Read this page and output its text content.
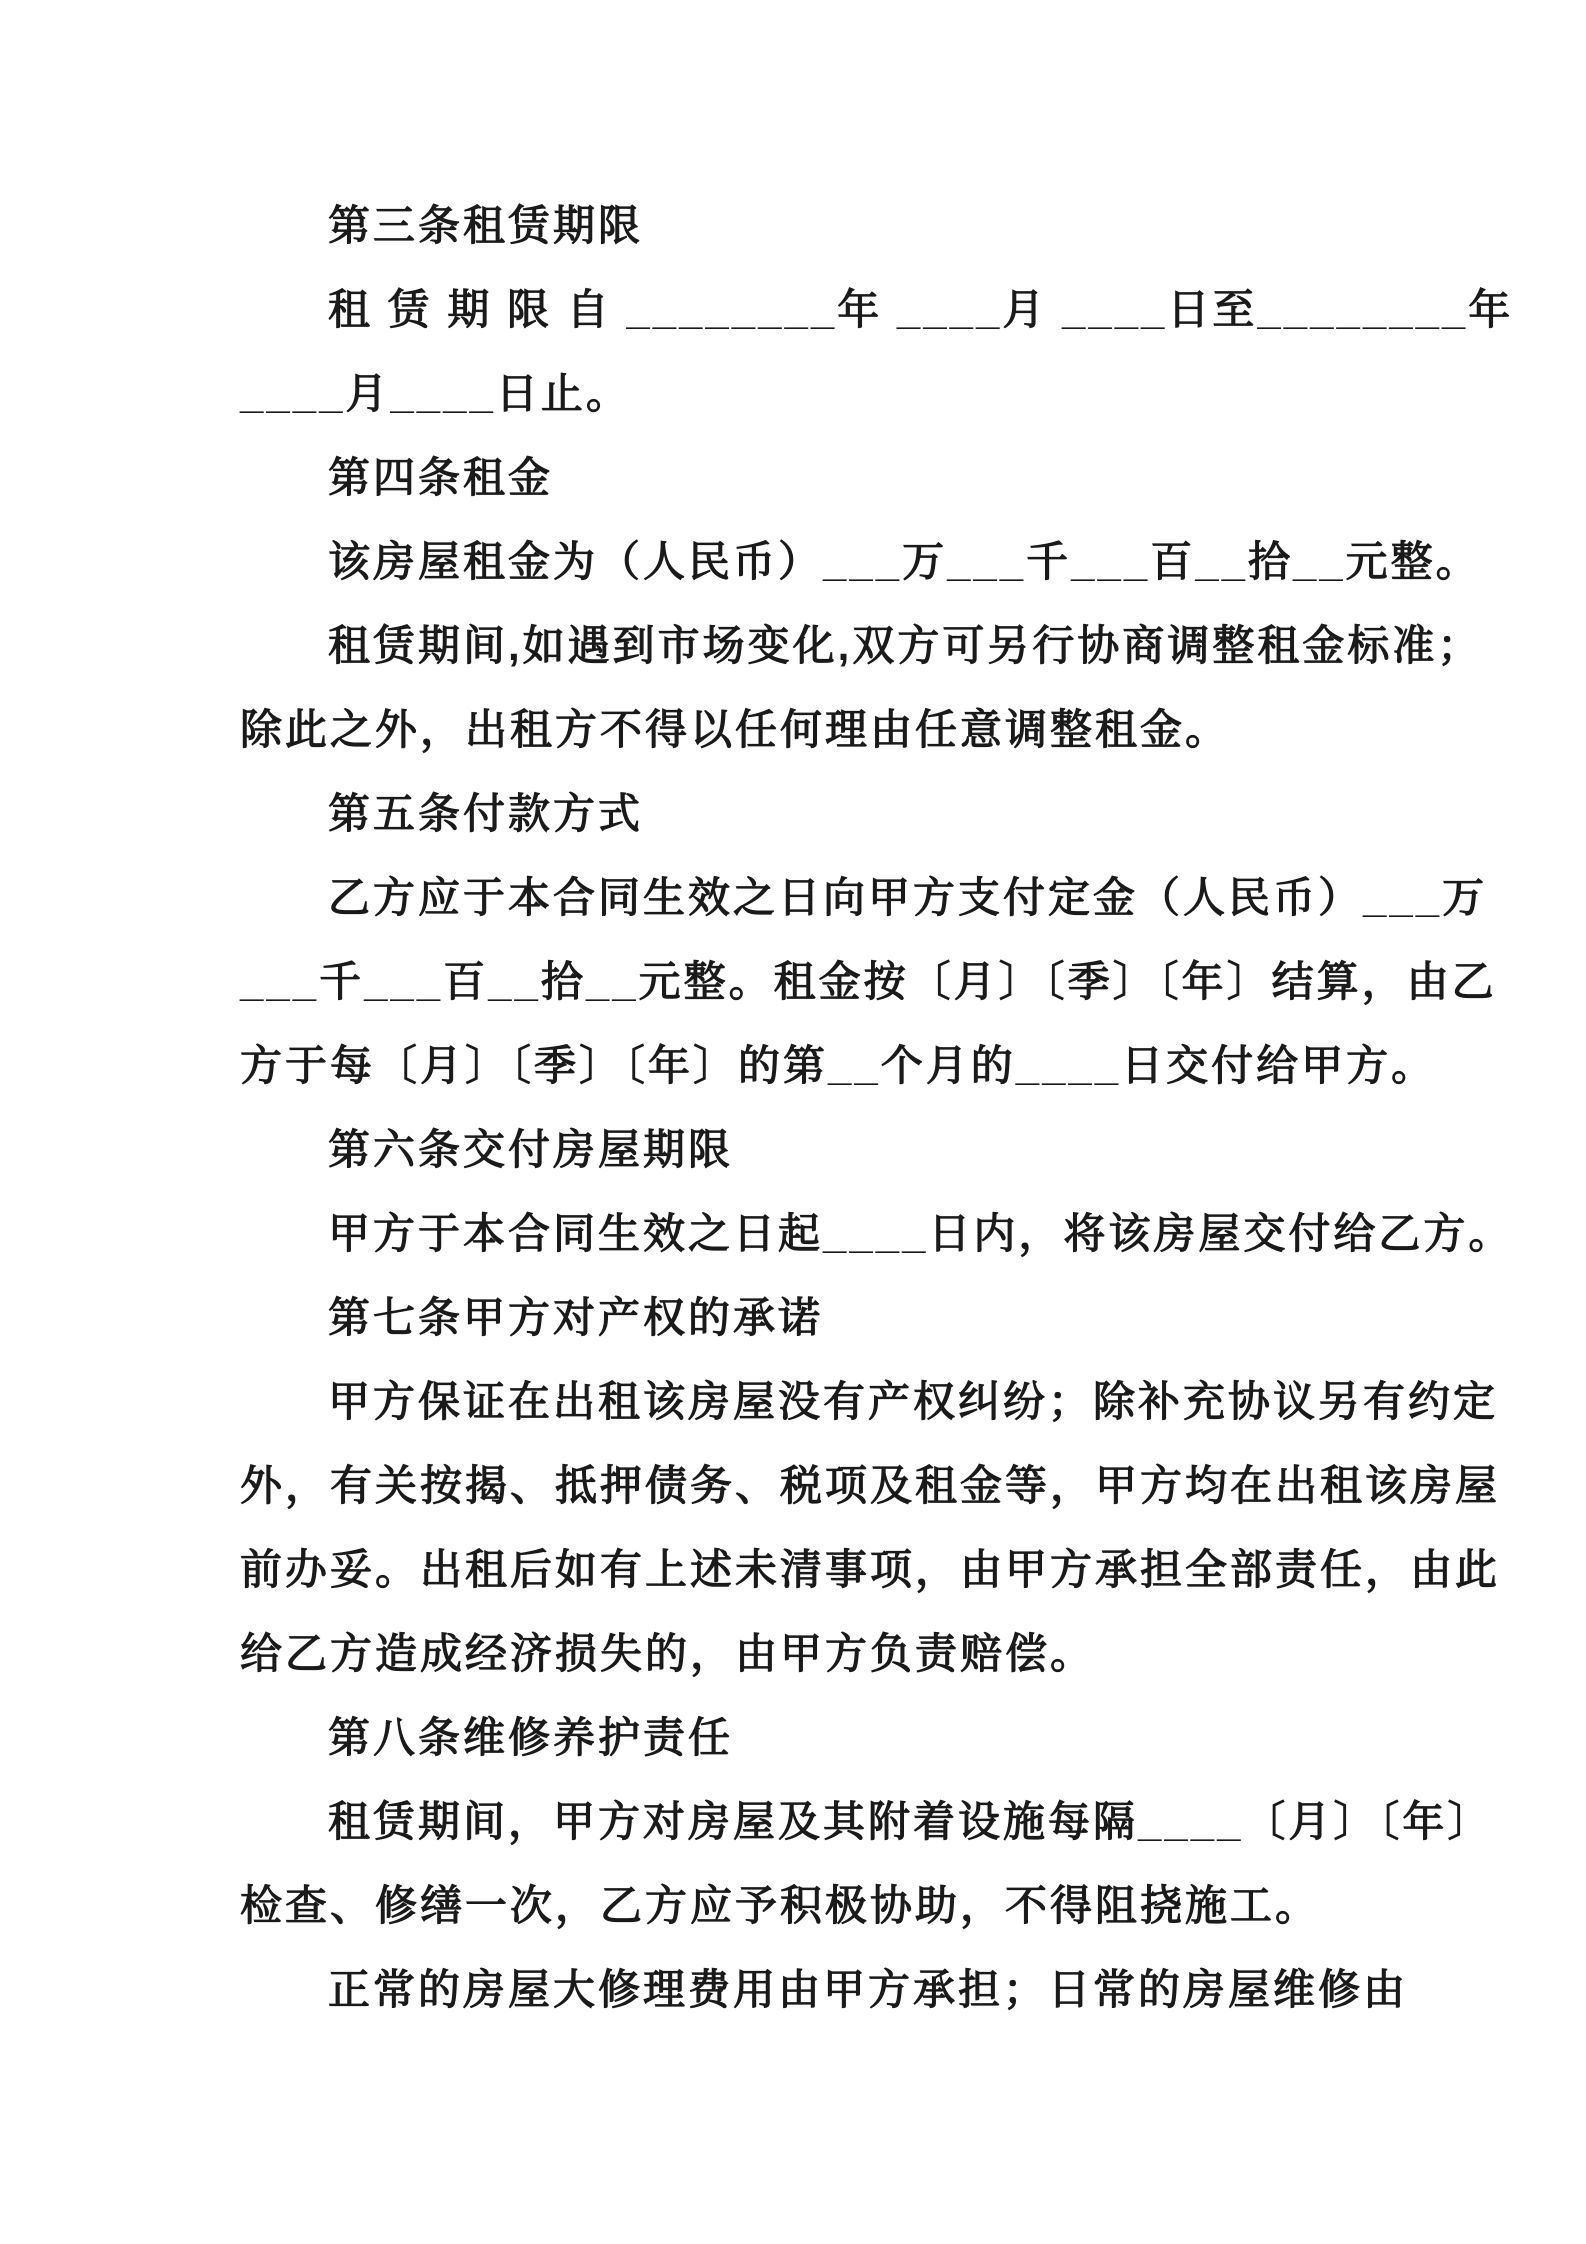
第三条租赁期限
租 赁 期 限 自 ________年 ____月 ____日至________年
____月____日止。
第四条租金
该房屋租金为（人民币）___万___千___百__拾__元整。
租赁期间,如遇到市场变化,双方可另行协商调整租金标准；
除此之外，出租方不得以任何理由任意调整租金。
第五条付款方式
乙方应于本合同生效之日向甲方支付定金（人民币）___万
___千___百__拾__元整。租金按〔月〕〔季〕〔年〕结算，由乙
方于每〔月〕〔季〕〔年〕的第__个月的____日交付给甲方。
第六条交付房屋期限
甲方于本合同生效之日起____日内，将该房屋交付给乙方。
第七条甲方对产权的承诺
甲方保证在出租该房屋没有产权纠纷；除补充协议另有约定
外，有关按揭、抵押债务、税项及租金等，甲方均在出租该房屋
前办妥。出租后如有上述未清事项，由甲方承担全部责任，由此
给乙方造成经济损失的，由甲方负责赔偿。
第八条维修养护责任
租赁期间，甲方对房屋及其附着设施每隔____〔月〕〔年〕
检查、修缮一次，乙方应予积极协助，不得阻挠施工。
正常的房屋大修理费用由甲方承担；日常的房屋维修由
